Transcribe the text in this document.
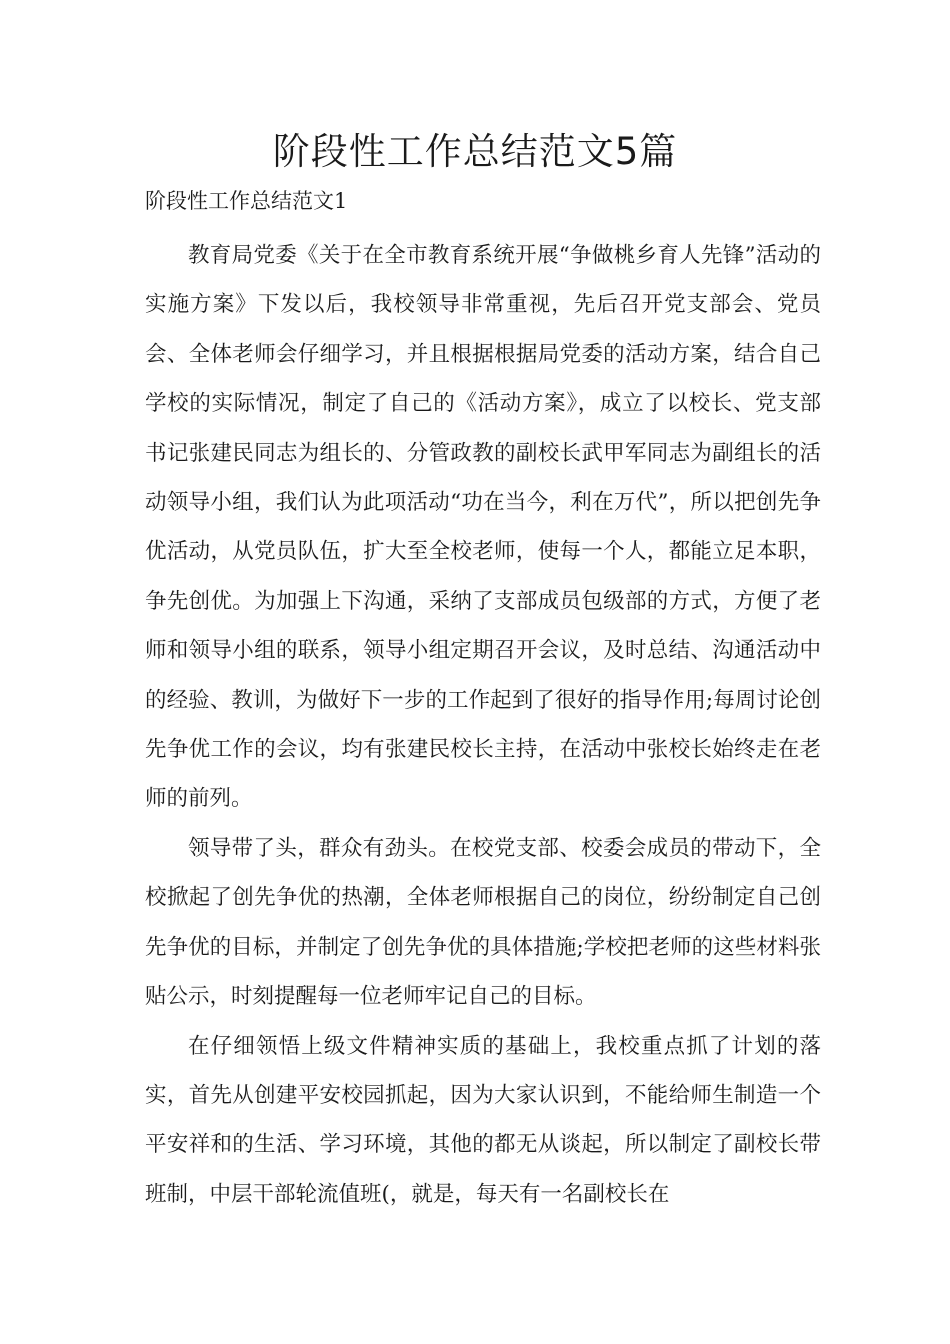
阶段性工作总结范文5篇
阶段性工作总结范文1

教育局党委《关于在全市教育系统开展“争做桃乡育人先锋”活动的实施方案》下发以后，我校领导非常重视，先后召开党支部会、党员会、全体老师会仔细学习，并且根据根据局党委的活动方案，结合自己学校的实际情况，制定了自己的《活动方案》，成立了以校长、党支部书记张建民同志为组长的、分管政教的副校长武甲军同志为副组长的活动领导小组，我们认为此项活动“功在当今，利在万代”，所以把创先争优活动，从党员队伍，扩大至全校老师，使每一个人，都能立足本职，争先创优。为加强上下沟通，采纳了支部成员包级部的方式，方便了老师和领导小组的联系，领导小组定期召开会议，及时总结、沟通活动中的经验、教训，为做好下一步的工作起到了很好的指导作用;每周讨论创先争优工作的会议，均有张建民校长主持，在活动中张校长始终走在老师的前列。

领导带了头，群众有劲头。在校党支部、校委会成员的带动下，全校掀起了创先争优的热潮，全体老师根据自己的岗位，纷纷制定自己创先争优的目标，并制定了创先争优的具体措施;学校把老师的这些材料张贴公示，时刻提醒每一位老师牢记自己的目标。

在仔细领悟上级文件精神实质的基础上，我校重点抓了计划的落实，首先从创建平安校园抓起，因为大家认识到，不能给师生制造一个平安祥和的生活、学习环境，其他的都无从谈起，所以制定了副校长带班制，中层干部轮流值班(，就是，每天有一名副校长在
